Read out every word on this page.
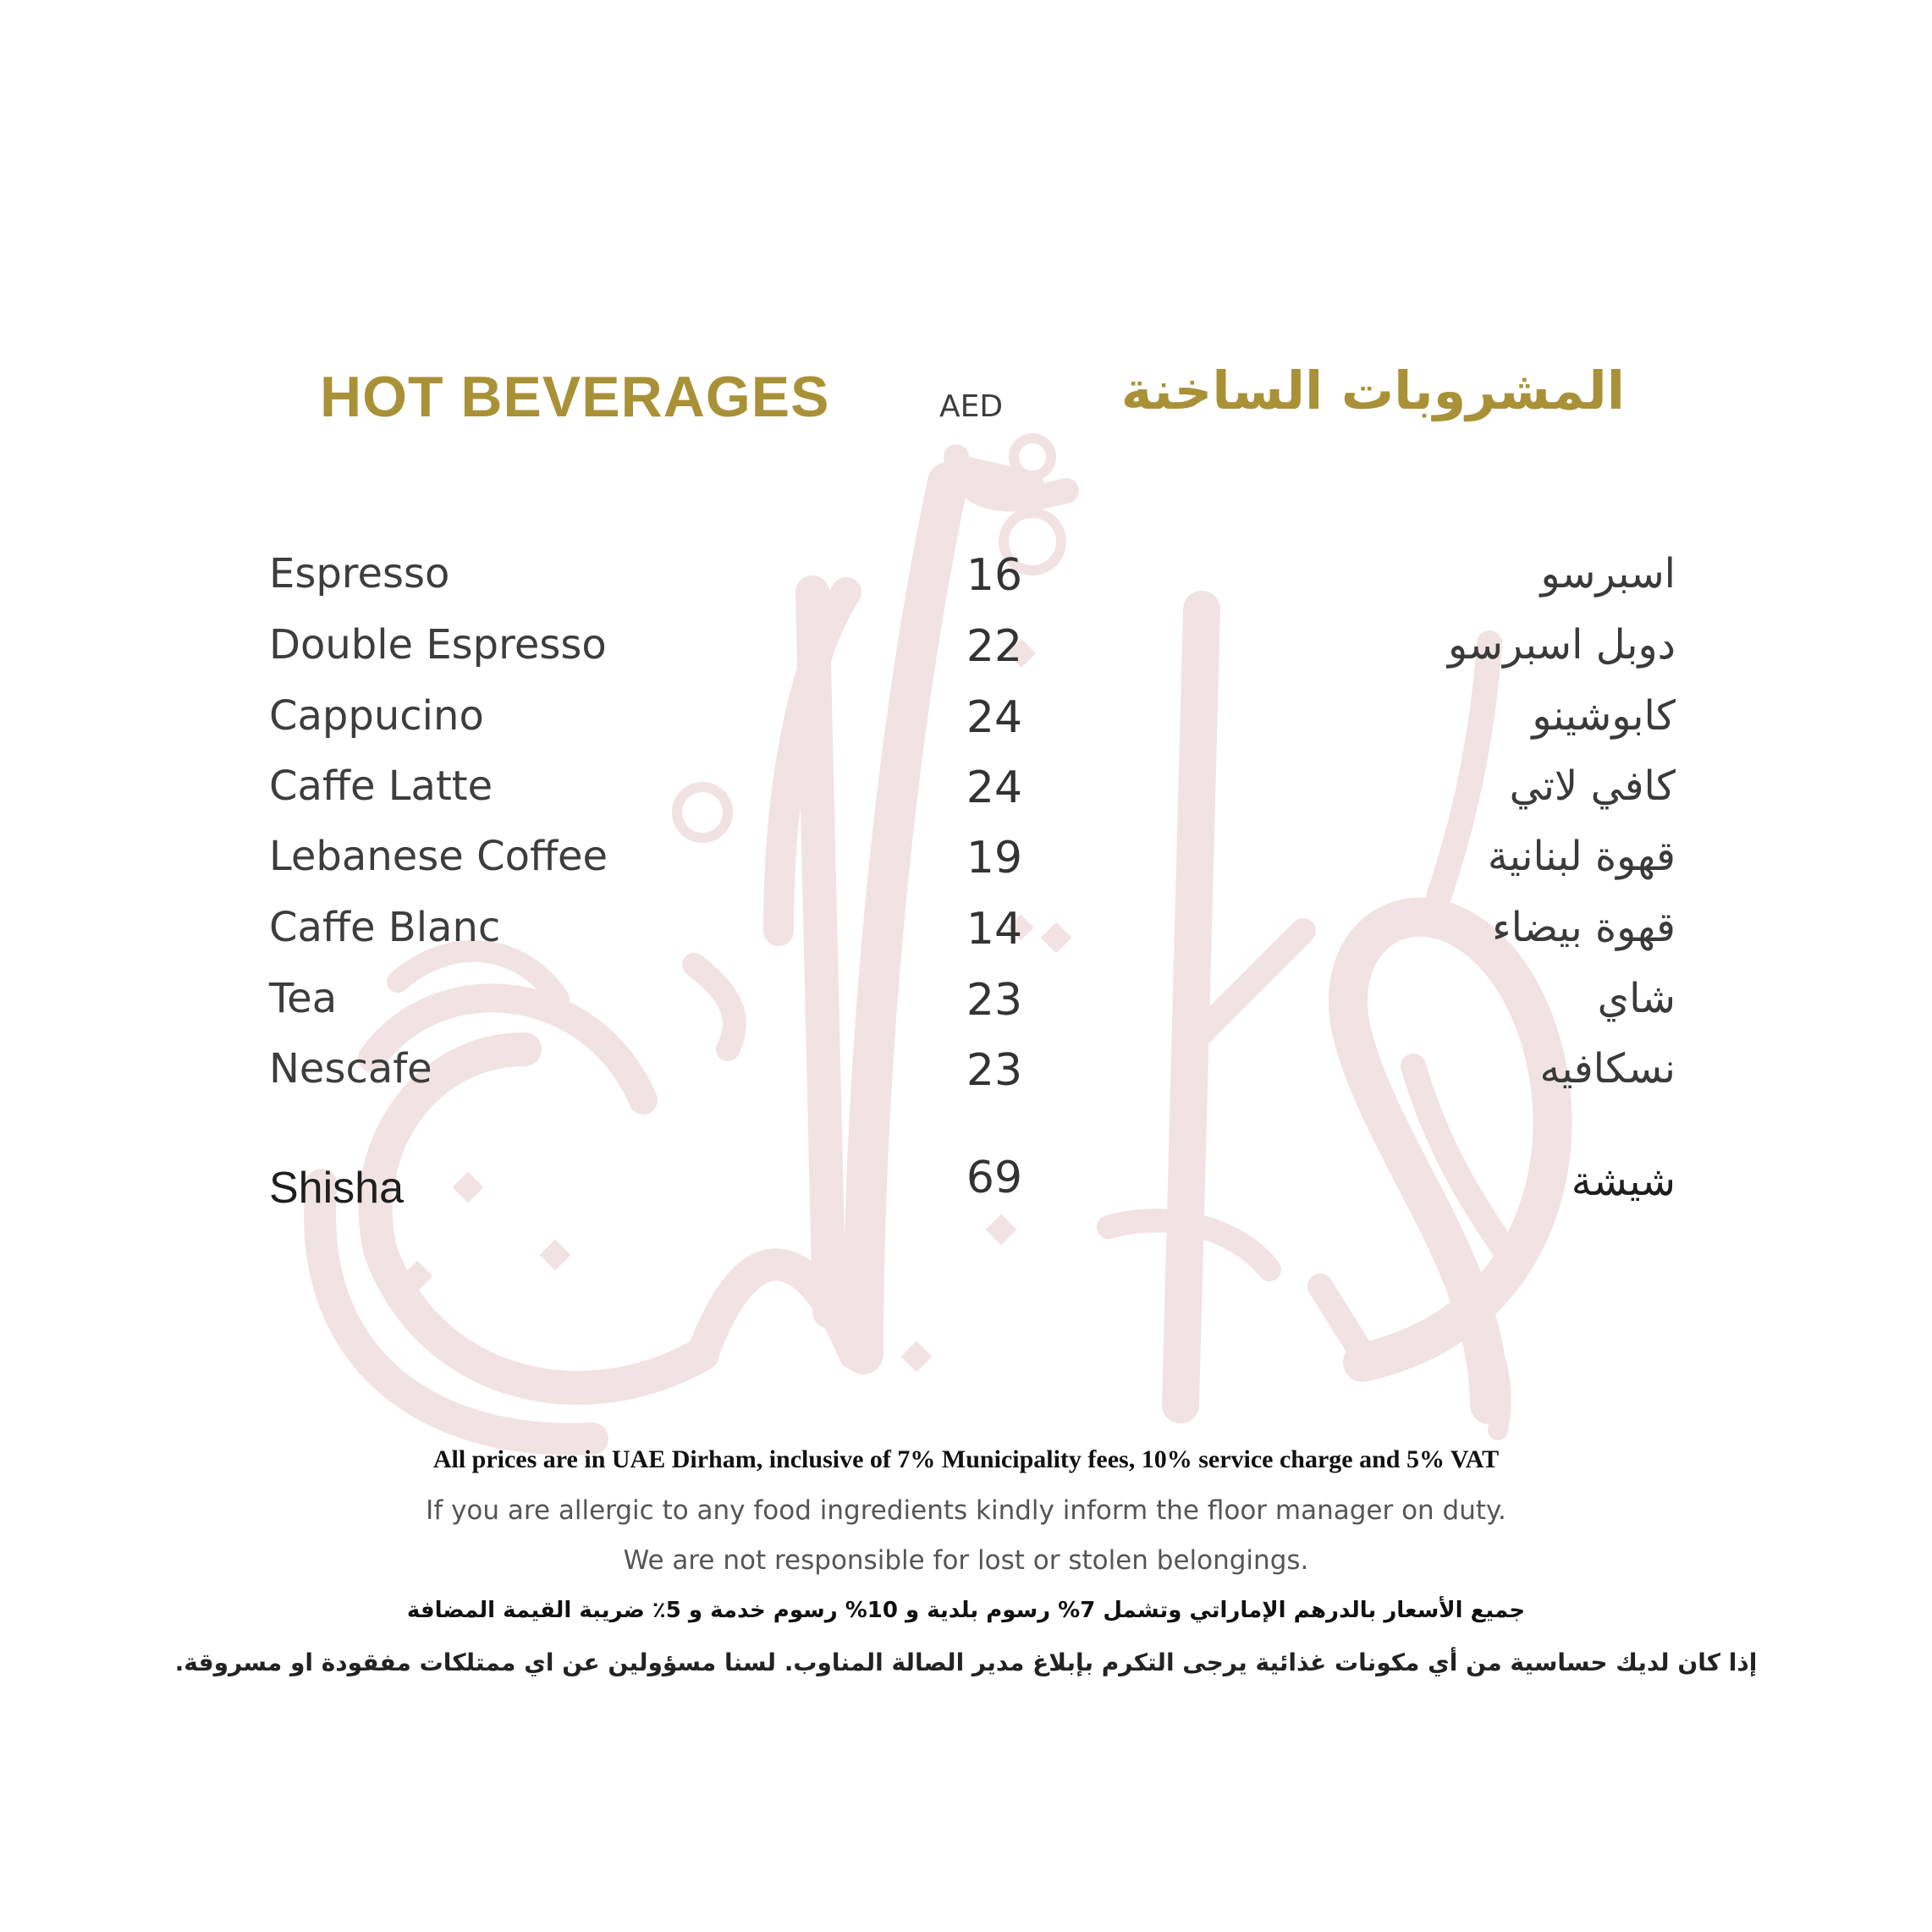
HOT BEVERAGES	AED المشروبات الساخنة
Espresso	16	اسبرسو
Double Espresso	22	دوبل اسبرسو
Cappucino	24	كابوشينو
Caffe Latte	24	كافي لاتي
Lebanese Coffee	19	قهوة لبنانية
Caffe Blanc	14	قهوة بيضاء
Tea	23	شاي
Nescafe	23	نسكافيه
Shisha	69	شيشة
All prices are in UAE Dirham, inclusive of 7% Municipality fees, 10% service charge and 5% VAT
If you are allergic to any food ingredients kindly inform the floor manager on duty.
We are not responsible for lost or stolen belongings.
جميع الأسعار بالدرهم الإماراتي وتشمل 7% رسوم بلدية و 10% رسوم خدمة و 5٪ ضريبة القيمة المضافة
إذا كان لديك حساسية من أي مكونات غذائية يرجى التكرم بإبلاغ مدير الصالة المناوب. لسنا مسؤولين عن اي ممتلكات مفقودة او مسروقة.
